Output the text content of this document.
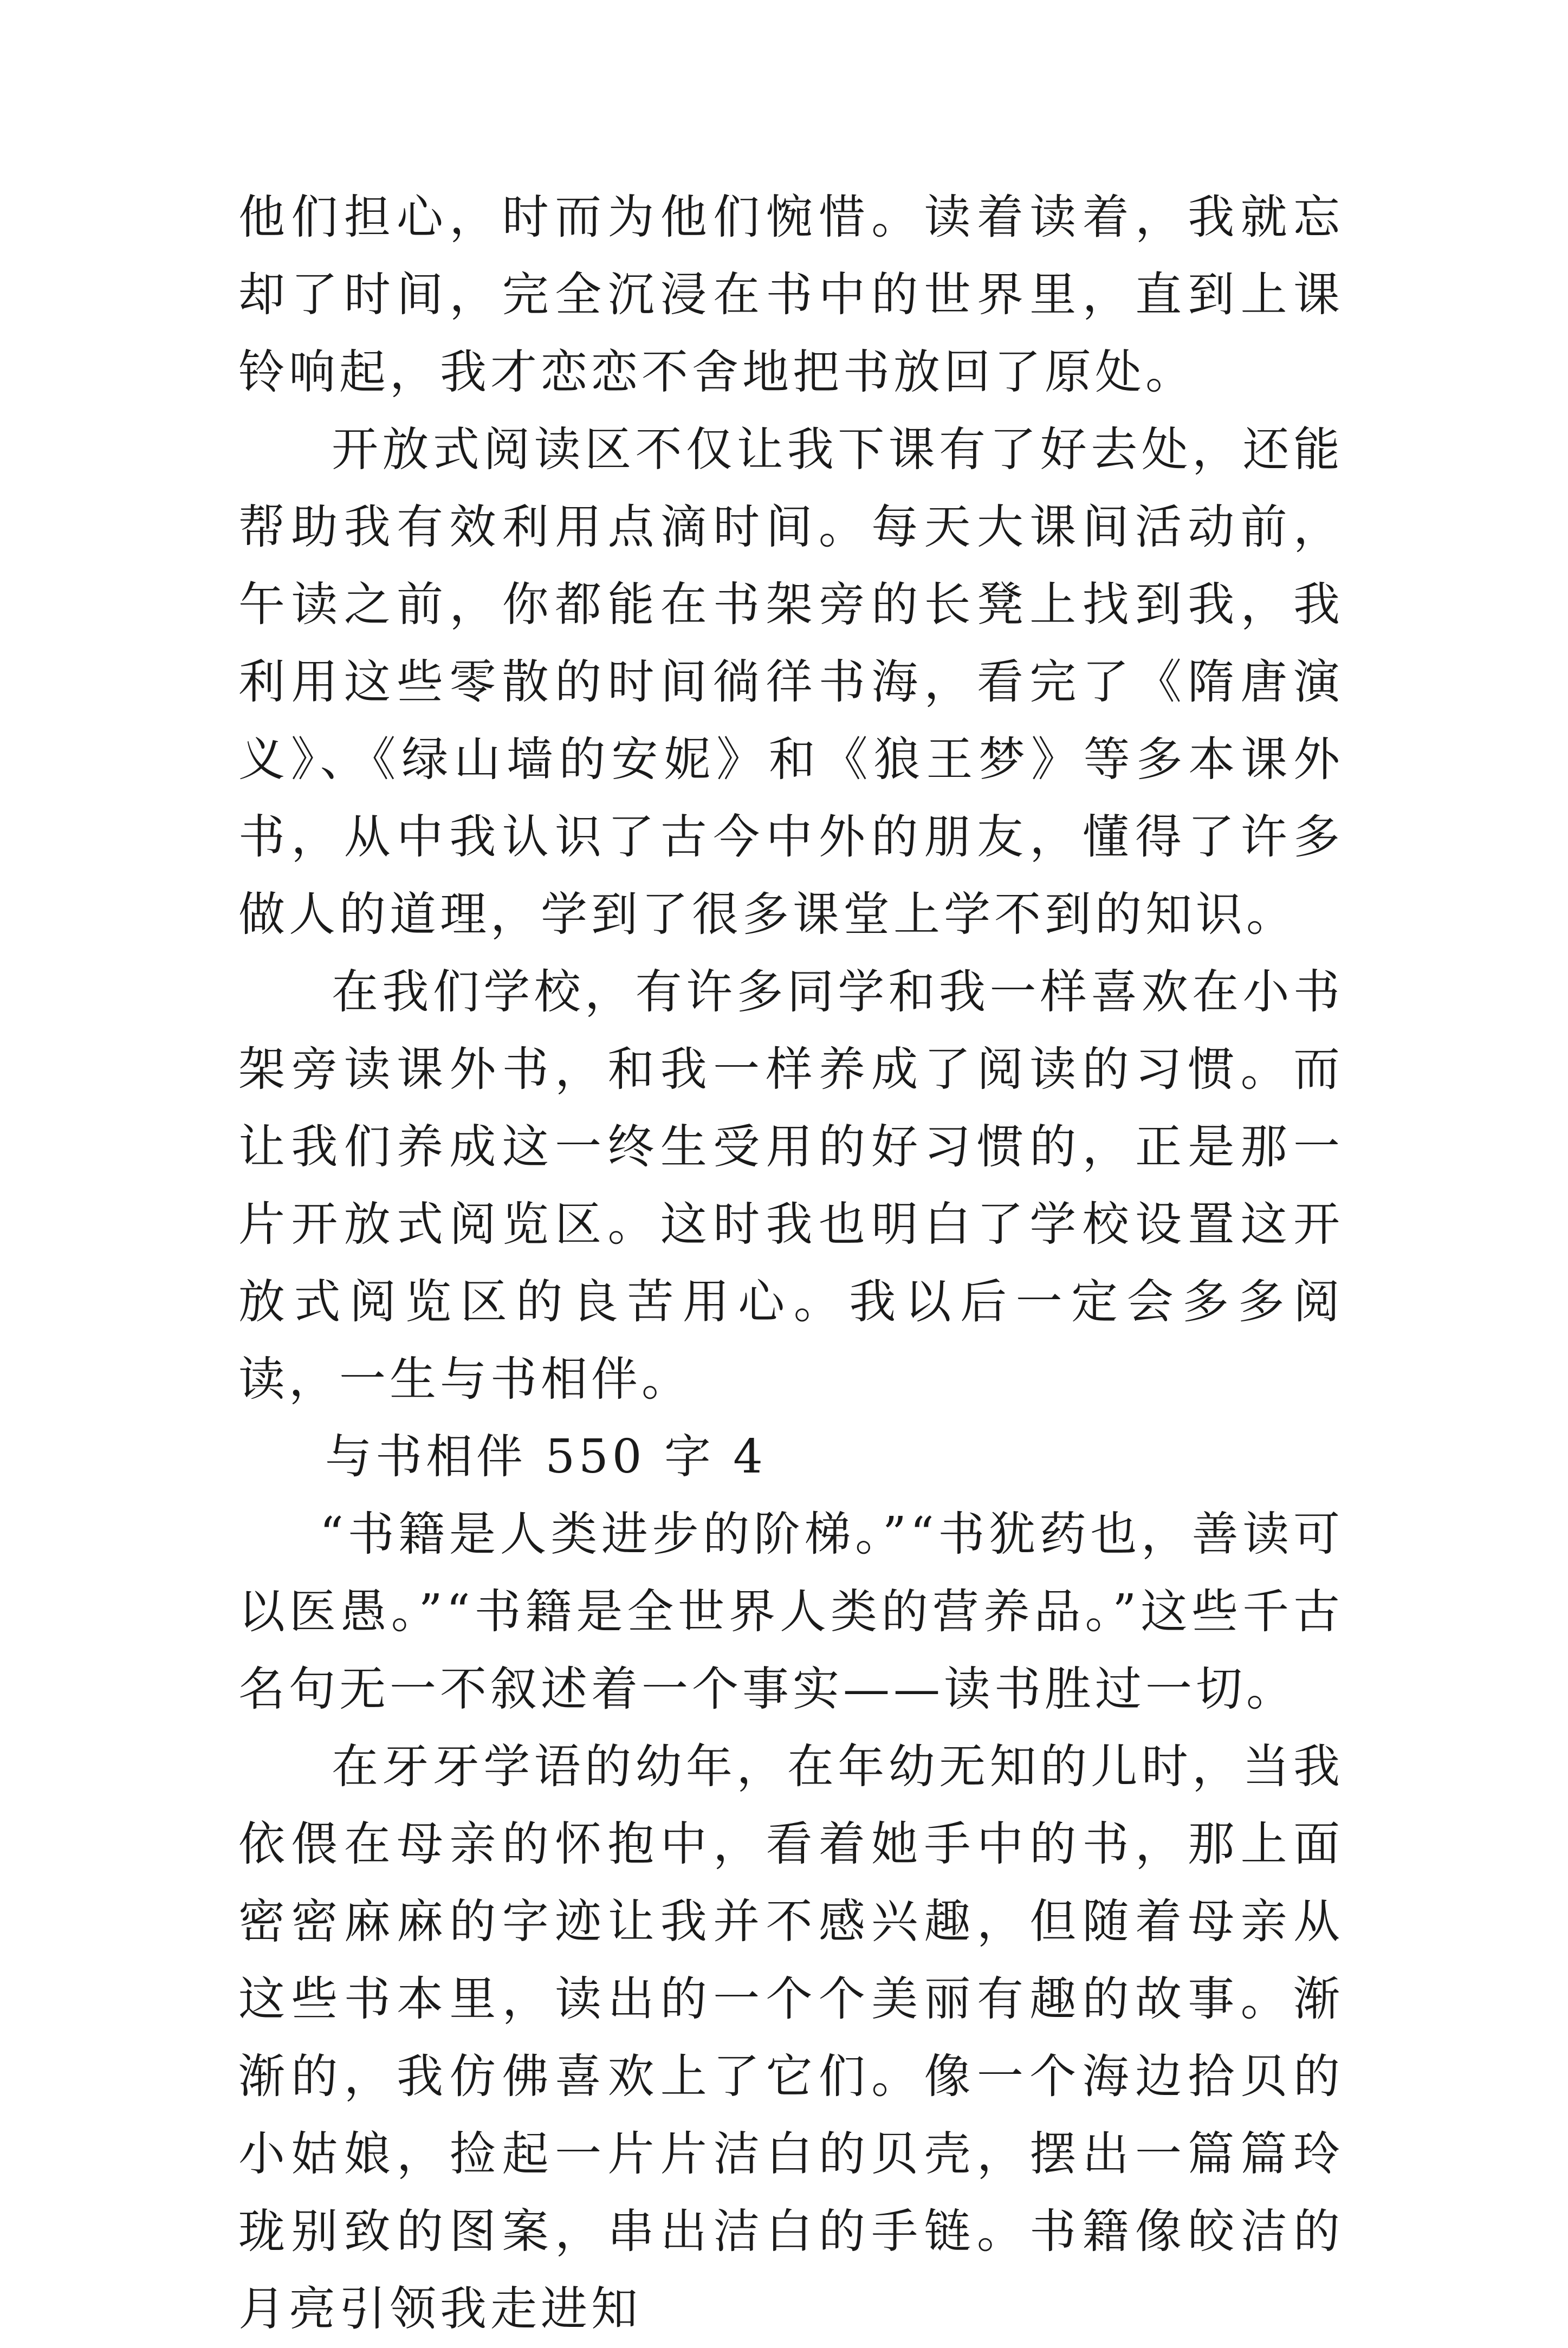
他们担心，时而为他们惋惜。读着读着，我就忘却了时间，完全沉浸在书中的世界里，直到上课铃响起，我才恋恋不舍地把书放回了原处。

开放式阅读区不仅让我下课有了好去处，还能帮助我有效利用点滴时间。每天大课间活动前，午读之前，你都能在书架旁的长凳上找到我，我利用这些零散的时间徜徉书海，看完了《隋唐演义》、《绿山墙的安妮》和《狼王梦》等多本课外书，从中我认识了古今中外的朋友，懂得了许多做人的道理，学到了很多课堂上学不到的知识。

在我们学校，有许多同学和我一样喜欢在小书架旁读课外书，和我一样养成了阅读的习惯。而让我们养成这一终生受用的好习惯的，正是那一片开放式阅览区。这时我也明白了学校设置这开放式阅览区的良苦用心。我以后一定会多多阅读，一生与书相伴。

与书相伴 550 字 4

“书籍是人类进步的阶梯。”“书犹药也，善读可以医愚。”“书籍是全世界人类的营养品。”这些千古名句无一不叙述着一个事实——读书胜过一切。

在牙牙学语的幼年，在年幼无知的儿时，当我依偎在母亲的怀抱中，看着她手中的书，那上面密密麻麻的字迹让我并不感兴趣，但随着母亲从这些书本里，读出的一个个美丽有趣的故事。渐渐的，我仿佛喜欢上了它们。像一个海边拾贝的小姑娘，捡起一片片洁白的贝壳，摆出一篇篇玲珑别致的图案，串出洁白的手链。书籍像皎洁的月亮引领我走进知
